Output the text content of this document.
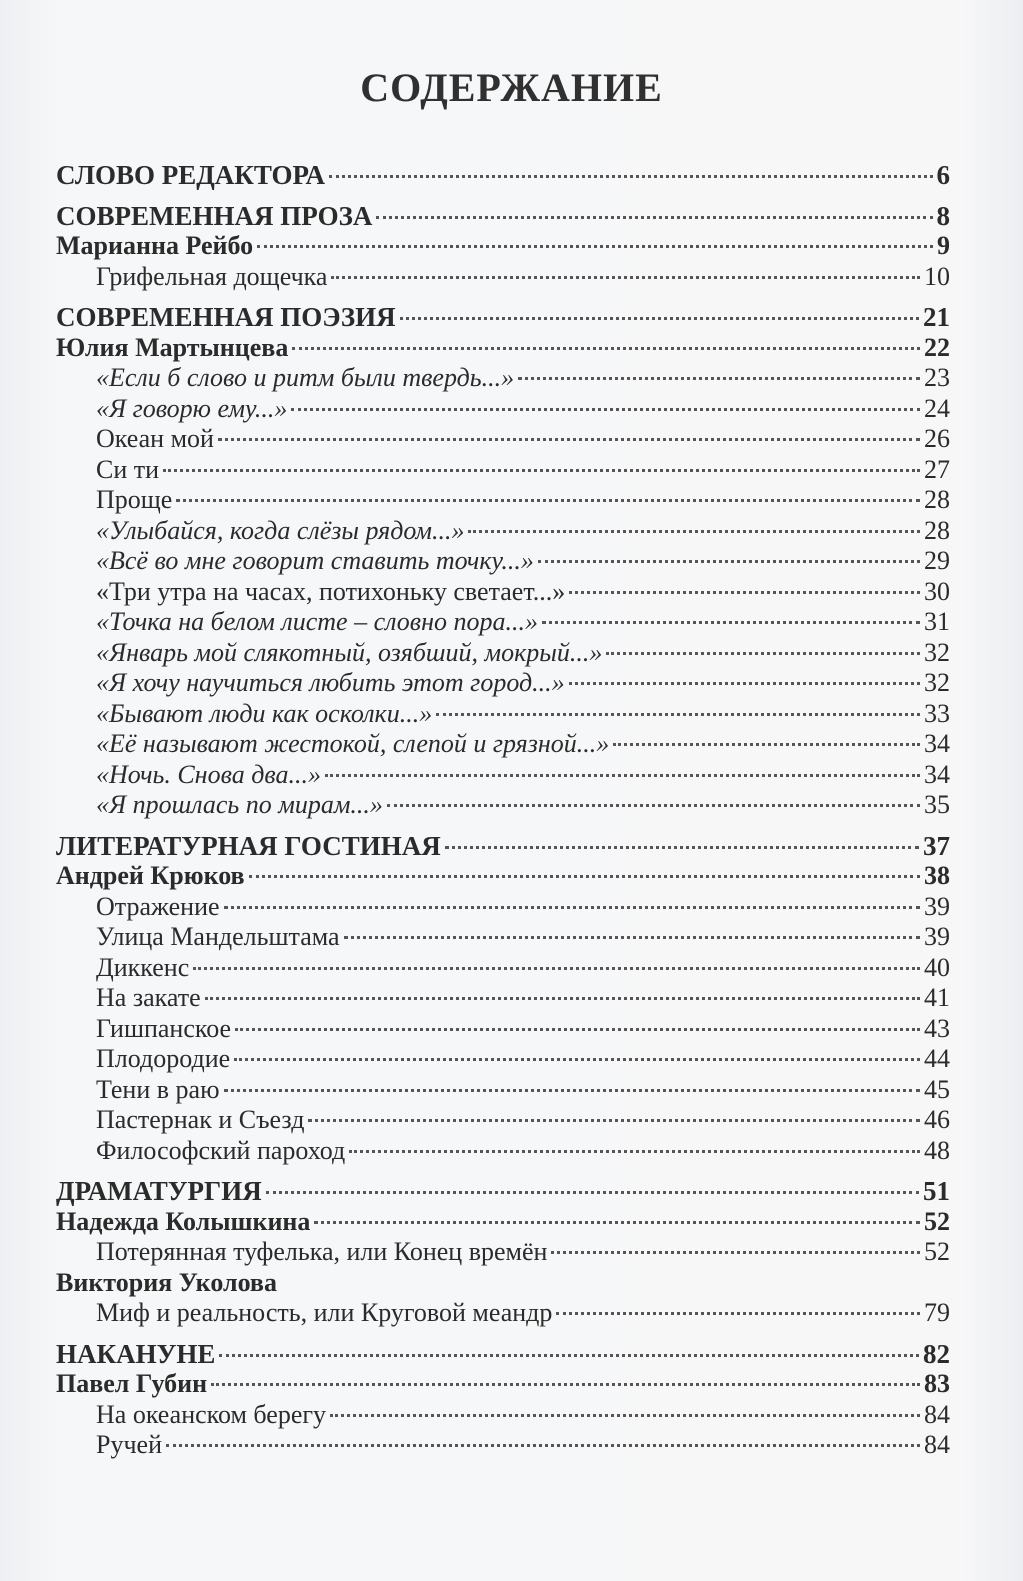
СОДЕРЖАНИЕ
СЛОВО РЕДАКТОРА	6
СОВРЕМЕННАЯ ПРОЗА	8
Марианна Рейбо	9
Грифельная дощечка	10
СОВРЕМЕННАЯ ПОЭЗИЯ	21
Юлия Мартынцева	22
«Если б слово и ритм были твердь...»	23
«Я говорю ему...»	24
Океан мой	26
Си ти	27
Проще	28
«Улыбайся, когда слёзы рядом...»	28
«Всё во мне говорит ставить точку...»	29
«Три утра на часах, потихоньку светает...»	30
«Точка на белом листе – словно пора...»	31
«Январь мой слякотный, озябший, мокрый...»	32
«Я хочу научиться любить этот город...»	32
«Бывают люди как осколки...»	33
«Её называют жестокой, слепой и грязной...»	34
«Ночь. Снова два...»	34
«Я прошлась по мирам...»	35
ЛИТЕРАТУРНАЯ ГОСТИНАЯ	37
Андрей Крюков	38
Отражение	39
Улица Мандельштама	39
Диккенс	40
На закате	41
Гишпанское	43
Плодородие	44
Тени в раю	45
Пастернак и Съезд	46
Философский пароход	48
ДРАМАТУРГИЯ	51
Надежда Колышкина	52
Потерянная туфелька, или Конец времён	52
Виктория Уколова
Миф и реальность, или Круговой меандр	79
НАКАНУНЕ	82
Павел Губин	83
На океанском берегу	84
Ручей	84
